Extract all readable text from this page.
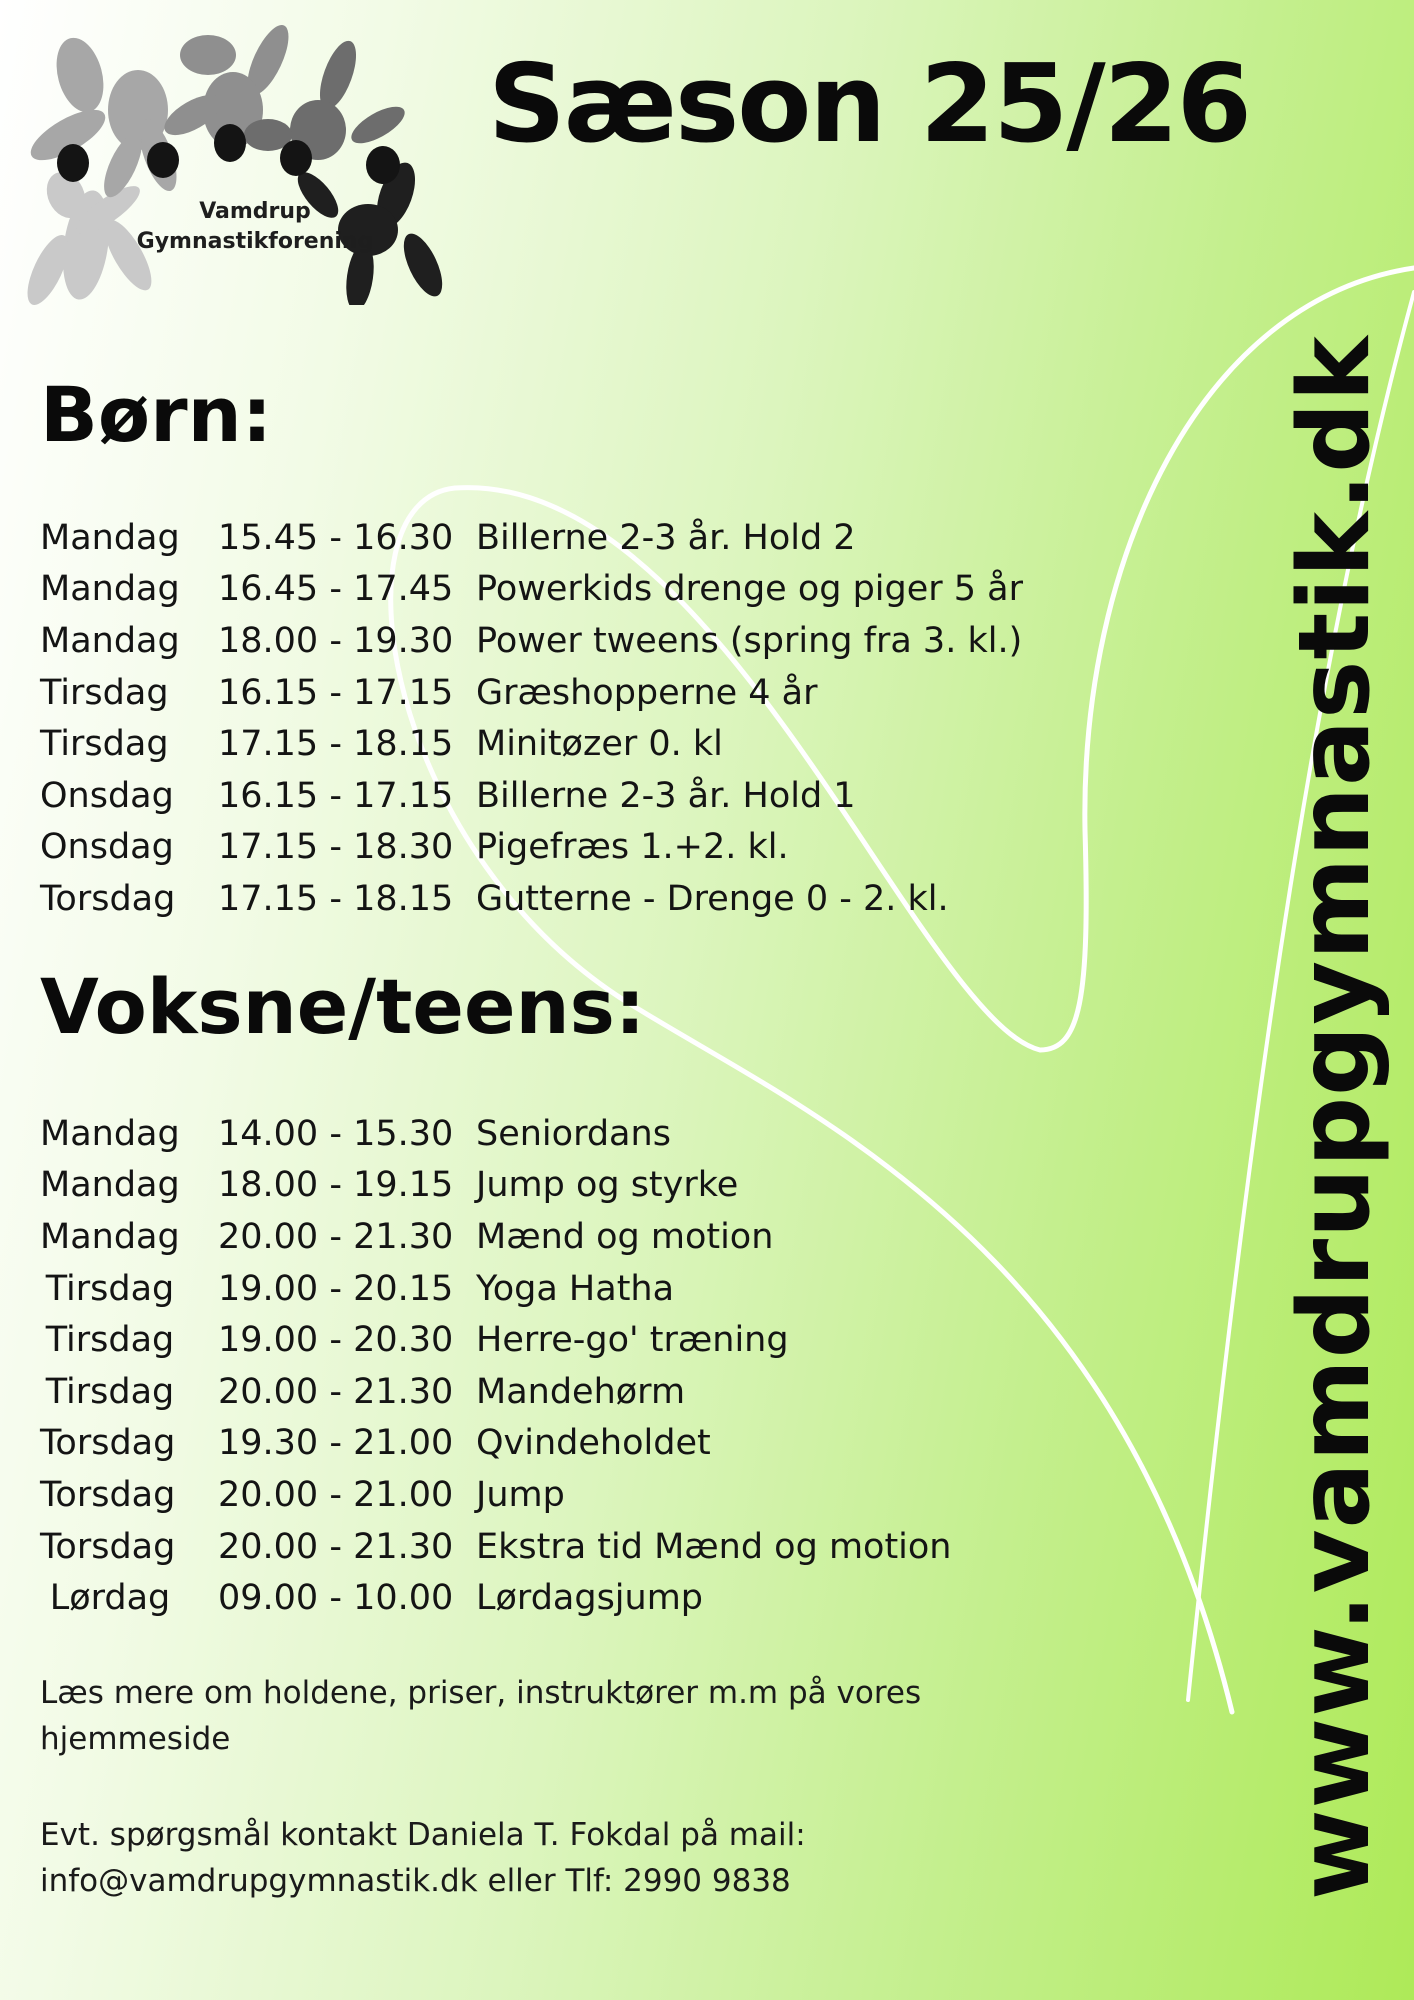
Vamdrup
Gymnastikforening
Sæson 25/26
www.vamdrupgymnastik.dk
Børn:
Mandag	15.45 - 16.30 Billerne 2-3 år. Hold 2
Mandag	16.45 - 17.45 Powerkids drenge og piger 5 år
Mandag	18.00 - 19.30 Power tweens (spring fra 3. kl.)
Tirsdag	16.15 - 17.15 Græshopperne 4 år
Tirsdag	17.15 - 18.15 Minitøzer 0. kl
Onsdag	16.15 - 17.15 Billerne 2-3 år. Hold 1
Onsdag	17.15 - 18.30 Pigefræs 1.+2. kl.
Torsdag	17.15 - 18.15 Gutterne - Drenge 0 - 2. kl.
Voksne/teens:
Mandag 14.00 - 15.30 Seniordans
Mandag 18.00 - 19.15 Jump og styrke
Mandag 20.00 - 21.30 Mænd og motion
Tirsdag 19.00 - 20.15 Yoga Hatha
Tirsdag 19.00 - 20.30 Herre-go' træning
Tirsdag 20.00 - 21.30 Mandehørm
Torsdag 19.30 - 21.00 Qvindeholdet
Torsdag 20.00 - 21.00 Jump
Torsdag 20.00 - 21.30 Ekstra tid Mænd og motion
Lørdag 09.00 - 10.00 Lørdagsjump

Læs mere om holdene, priser, instruktører m.m på vores hjemmeside

Evt. spørgsmål kontakt Daniela T. Fokdal på mail:
info@vamdrupgymnastik.dk eller Tlf: 2990 9838
